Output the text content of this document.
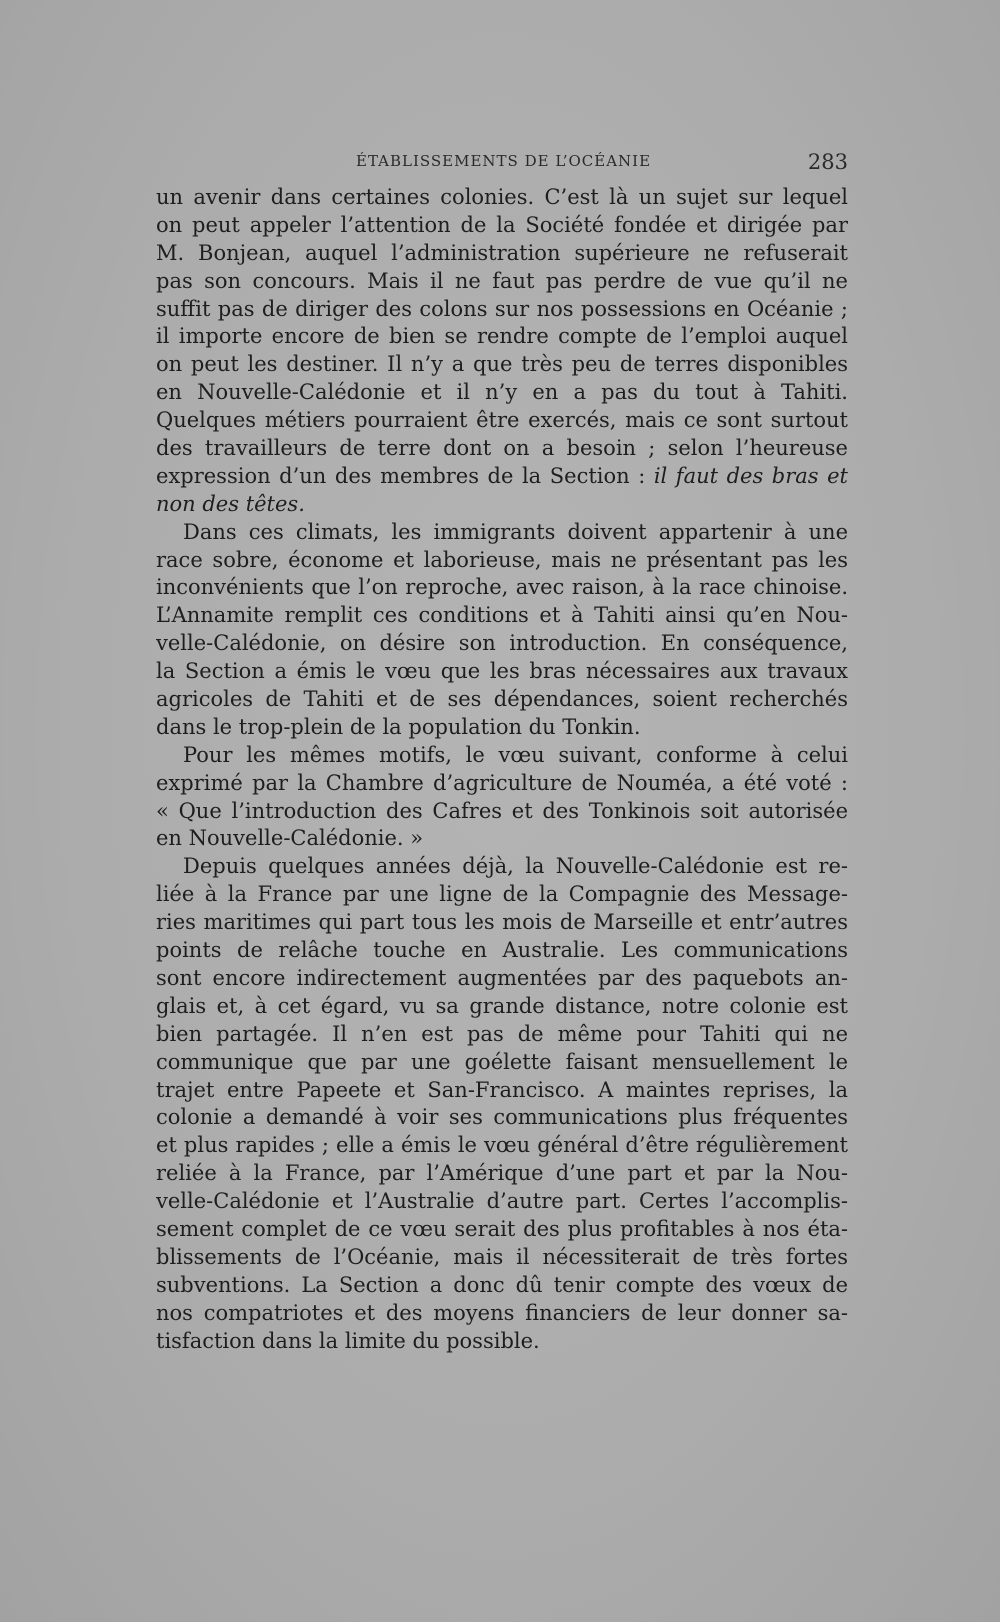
ÉTABLISSEMENTS DE L’OCÉANIE	283
un avenir dans certaines colonies. C’est là un sujet sur lequel
on peut appeler l’attention de la Société fondée et dirigée par
M. Bonjean, auquel l’administration supérieure ne refuserait
pas son concours. Mais il ne faut pas perdre de vue qu’il ne
suffit pas de diriger des colons sur nos possessions en Océanie ;
il importe encore de bien se rendre compte de l’emploi auquel
on peut les destiner. Il n’y a que très peu de terres disponibles
en Nouvelle-Calédonie et il n’y en a pas du tout à Tahiti.
Quelques métiers pourraient être exercés, mais ce sont surtout
des travailleurs de terre dont on a besoin ; selon l’heureuse
expression d’un des membres de la Section : il faut des bras et
non des têtes.
Dans ces climats, les immigrants doivent appartenir à une
race sobre, économe et laborieuse, mais ne présentant pas les
inconvénients que l’on reproche, avec raison, à la race chinoise.
L’Annamite remplit ces conditions et à Tahiti ainsi qu’en Nou-
velle-Calédonie, on désire son introduction. En conséquence,
la Section a émis le vœu que les bras nécessaires aux travaux
agricoles de Tahiti et de ses dépendances, soient recherchés
dans le trop-plein de la population du Tonkin.
Pour les mêmes motifs, le vœu suivant, conforme à celui
exprimé par la Chambre d’agriculture de Nouméa, a été voté :
« Que l’introduction des Cafres et des Tonkinois soit autorisée
en Nouvelle-Calédonie. »
Depuis quelques années déjà, la Nouvelle-Calédonie est re-
liée à la France par une ligne de la Compagnie des Message-
ries maritimes qui part tous les mois de Marseille et entr’autres
points de relâche touche en Australie. Les communications
sont encore indirectement augmentées par des paquebots an-
glais et, à cet égard, vu sa grande distance, notre colonie est
bien partagée. Il n’en est pas de même pour Tahiti qui ne
communique que par une goélette faisant mensuellement le
trajet entre Papeete et San-Francisco. A maintes reprises, la
colonie a demandé à voir ses communications plus fréquentes
et plus rapides ; elle a émis le vœu général d’être régulièrement
reliée à la France, par l’Amérique d’une part et par la Nou-
velle-Calédonie et l’Australie d’autre part. Certes l’accomplis-
sement complet de ce vœu serait des plus profitables à nos éta-
blissements de l’Océanie, mais il nécessiterait de très fortes
subventions. La Section a donc dû tenir compte des vœux de
nos compatriotes et des moyens financiers de leur donner sa-
tisfaction dans la limite du possible.
